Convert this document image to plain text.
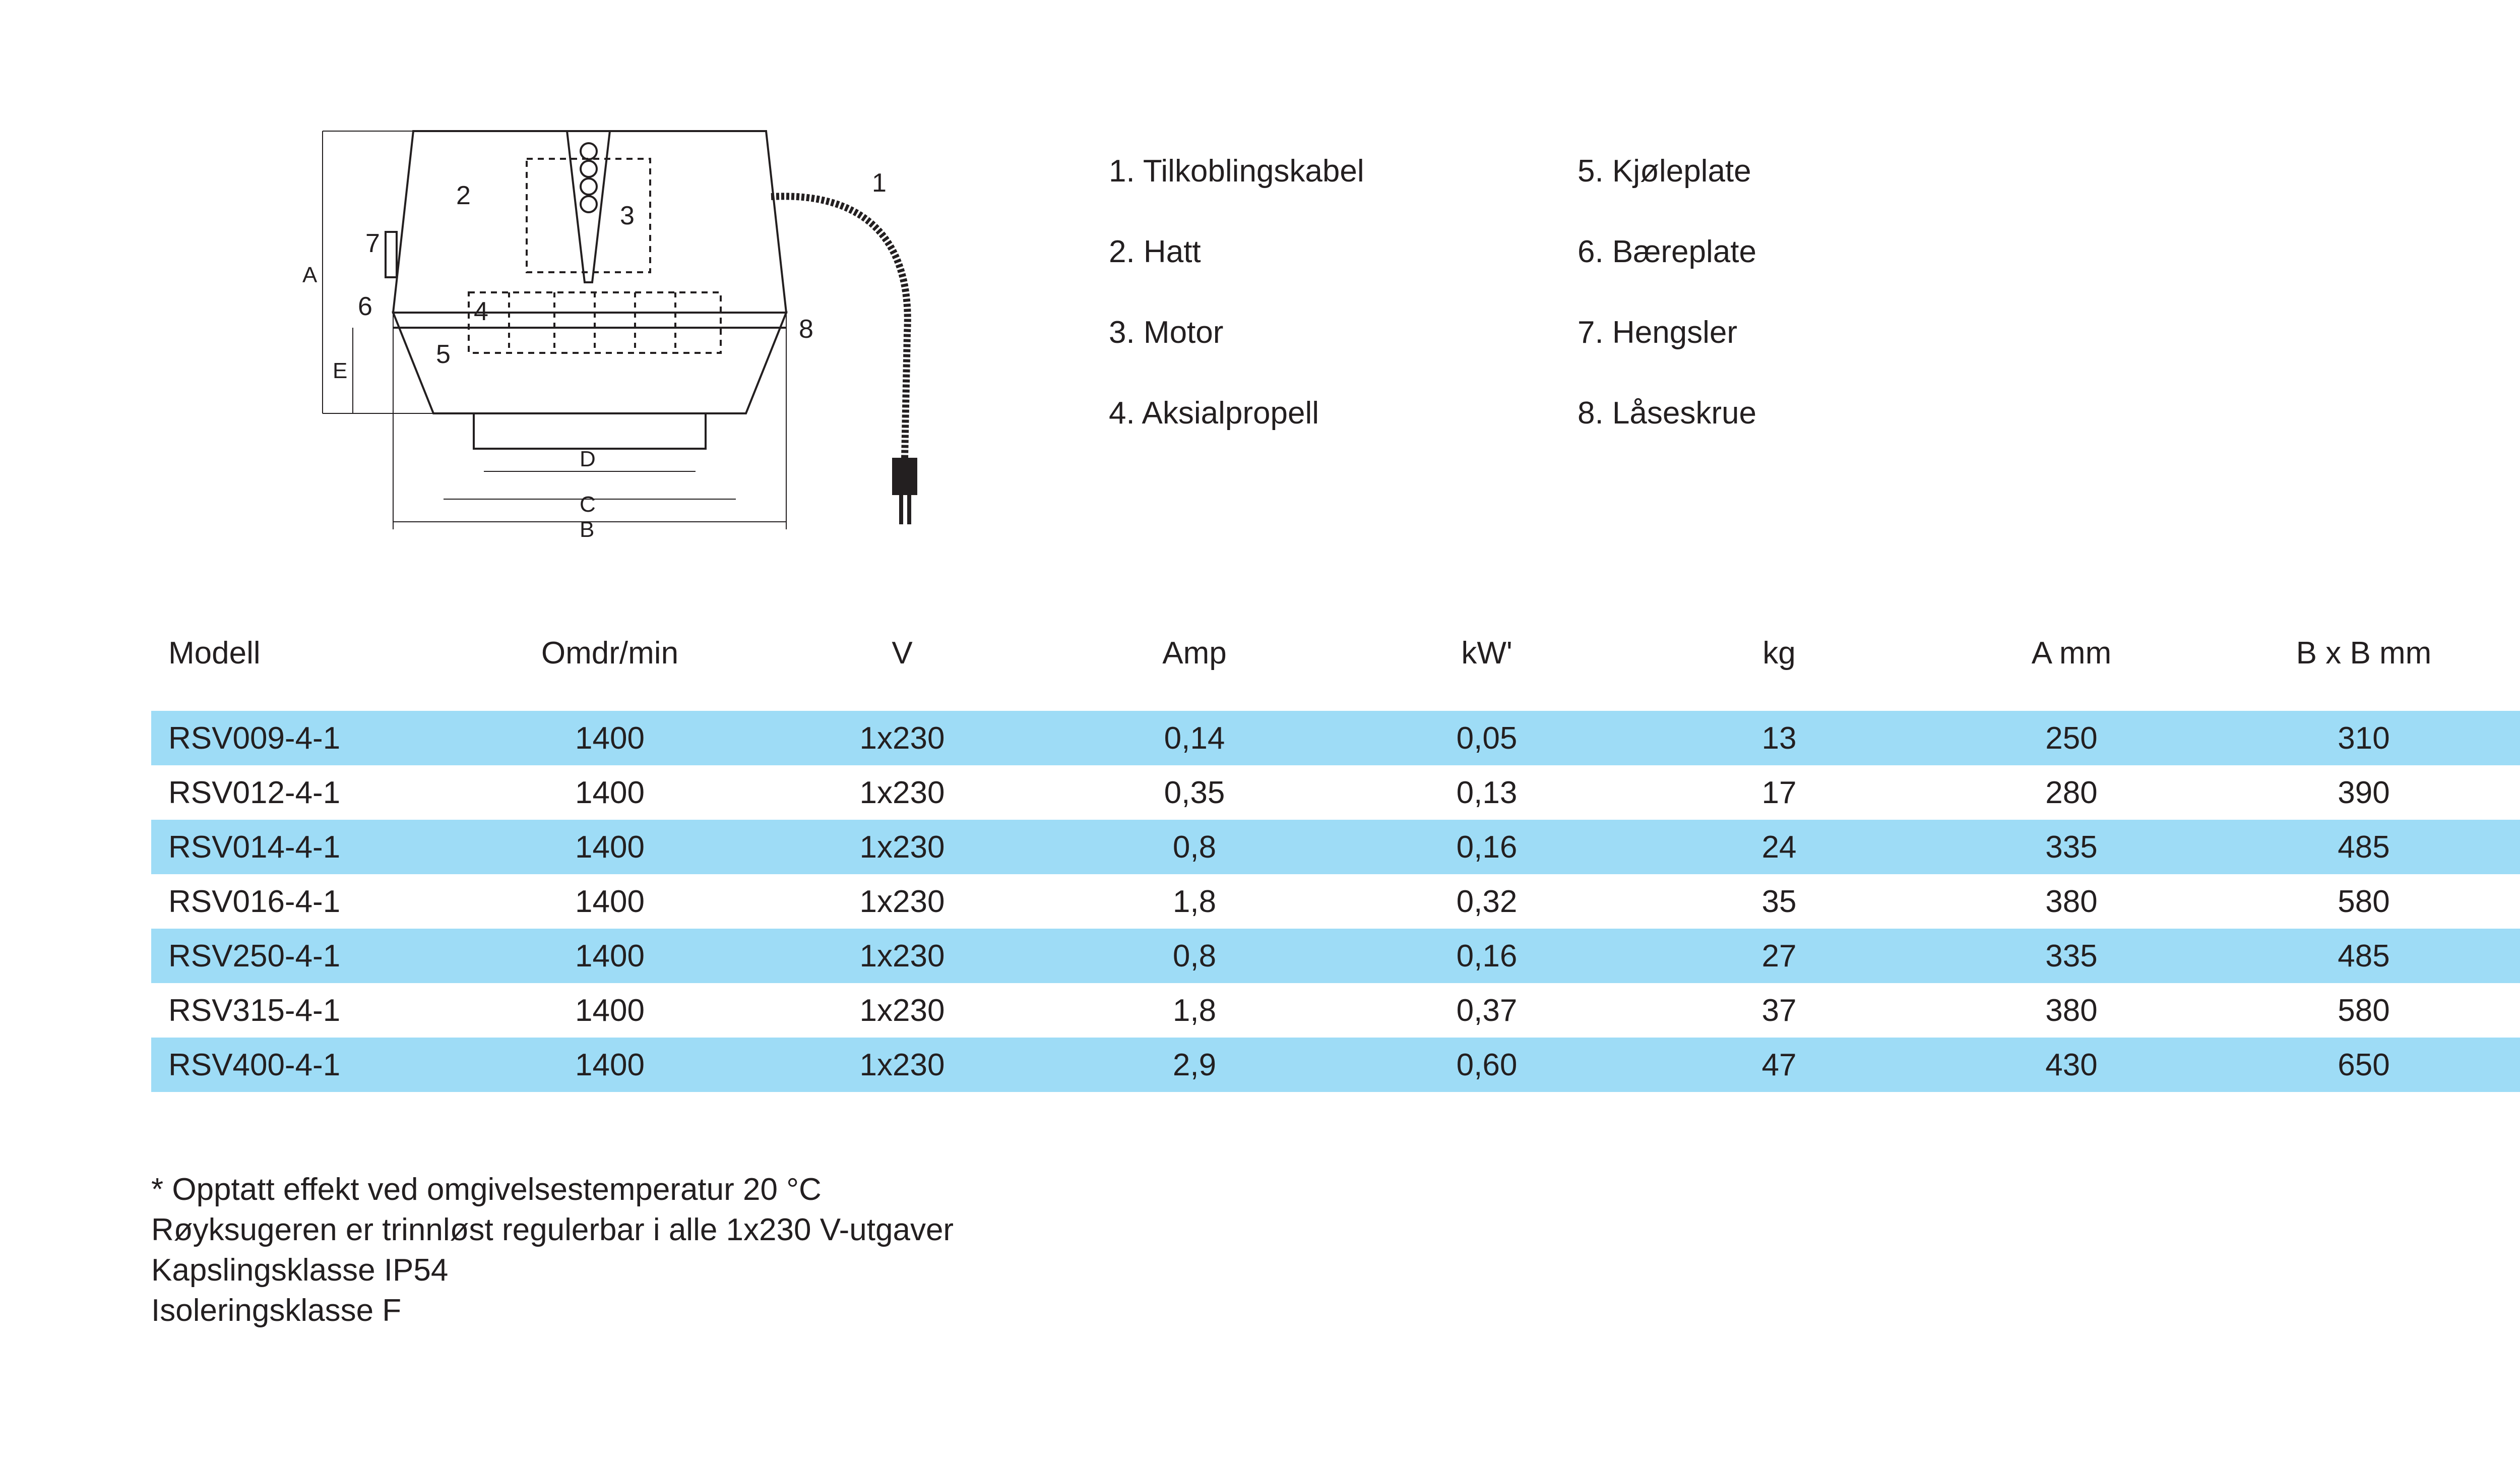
1
2
3
4
5
6
7
8
A
B
C
D
E
1. Tilkoblingskabel
2. Hatt
3. Motor
4. Aksialpropell
5. Kjøleplate
6. Bæreplate
7. Hengsler
8. Låseskrue
Modell	Omdr/min	V	Amp	kW'	kg	A mm	B x B mm			
RSV009-4-1	1400	1x230	0,14	0,05	13	250	310			
RSV012-4-1	1400	1x230	0,35	0,13	17	280	390			
RSV014-4-1	1400	1x230	0,8	0,16	24	335	485			
RSV016-4-1	1400	1x230	1,8	0,32	35	380	580			
RSV250-4-1	1400	1x230	0,8	0,16	27	335	485			
RSV315-4-1	1400	1x230	1,8	0,37	37	380	580			
RSV400-4-1	1400	1x230	2,9	0,60	47	430	650			
* Opptatt effekt ved omgivelsestemperatur 20 °C
Røyksugeren er trinnløst regulerbar i alle 1x230 V-utgaver
Kapslingsklasse IP54
Isoleringsklasse F
